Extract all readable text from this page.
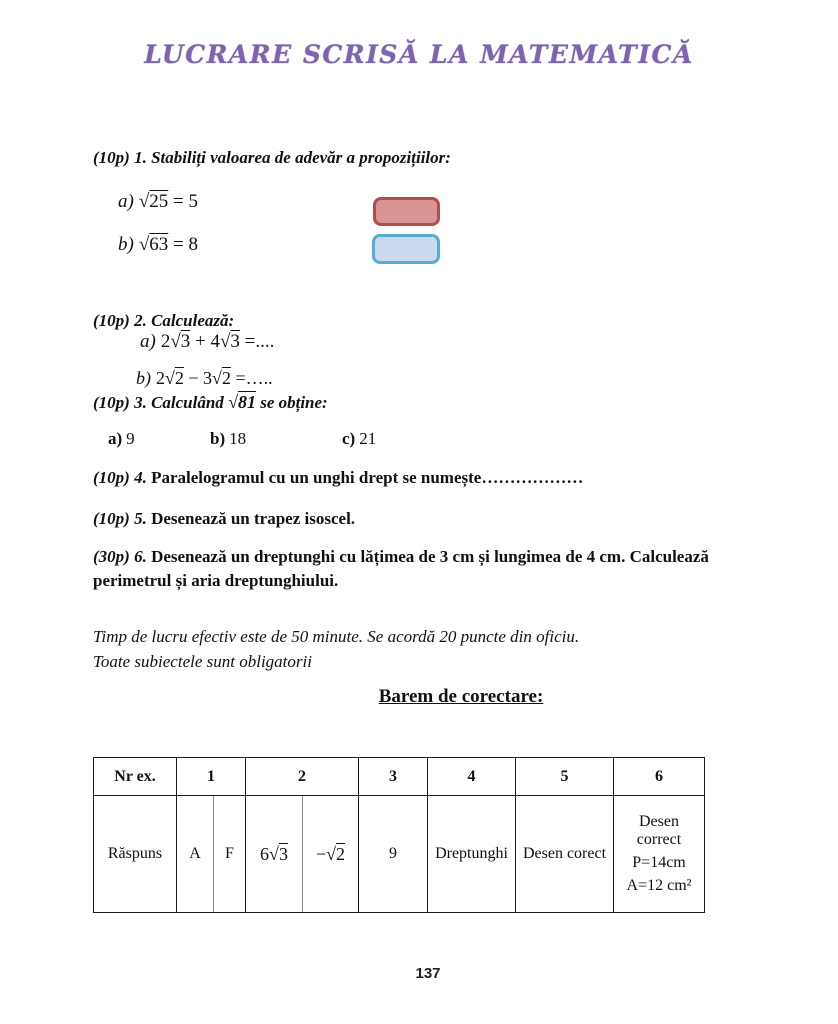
LUCRARE SCRISĂ LA MATEMATICĂ
(10p) 1. Stabiliți valoarea de adevăr a propozițiilor:
a) √25 = 5
b) √63 = 8
(10p) 2. Calculează:
a) 2√3 + 4√3 =....
b) 2√2 − 3√2 =…..
(10p) 3. Calculând √81 se obține:
a) 9	b) 18	c) 21
(10p) 4. Paralelogramul cu un unghi drept se numește………………
(10p) 5. Desenează un trapez isoscel.
(30p) 6. Desenează un dreptunghi cu lățimea de 3 cm și lungimea de 4 cm. Calculează perimetrul și aria dreptunghiului.
Timp de lucru efectiv este de 50 minute. Se acordă 20 puncte din oficiu.
Toate subiectele sunt obligatorii
Barem de corectare:
Nr ex.	1		2		3	4	5	6
Răspuns	A	F	6√3	−√2	9	Dreptunghi	Desen corect	Desen correct
P=14cm
A=12 cm²
137
